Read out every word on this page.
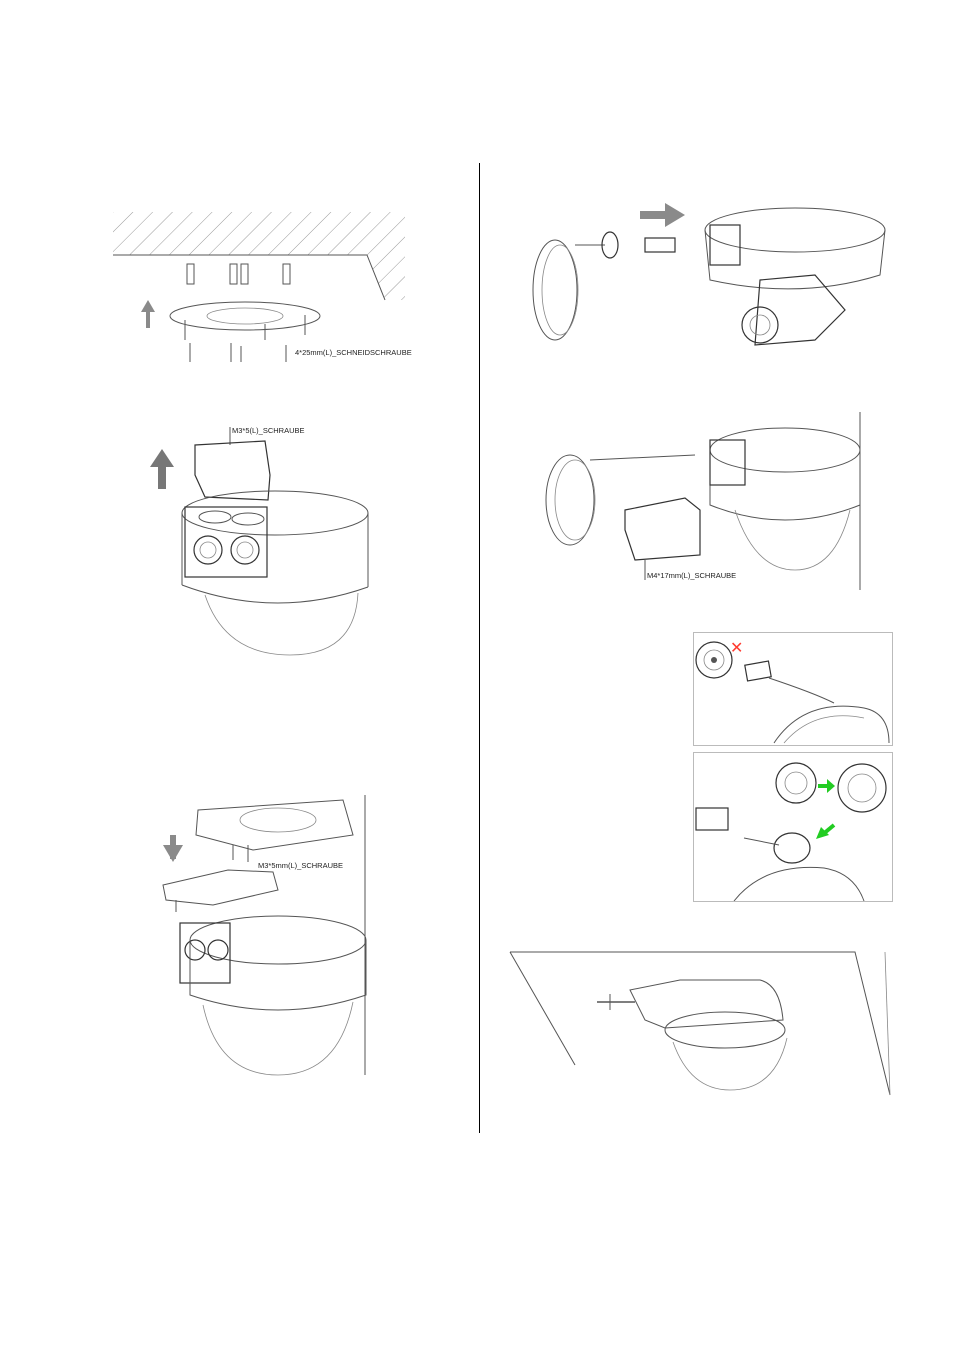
4*25mm(L)_SCHNEIDSCHRAUBE
M3*5(L)_SCHRAUBE
M3*5mm(L)_SCHRAUBE
M4*17mm(L)_SCHRAUBE
✕
